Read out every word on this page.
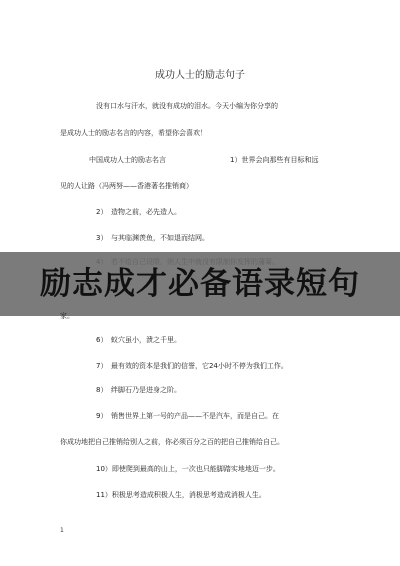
成功人士的励志句子
没有口水与汗水，就没有成功的泪水。今天小编为你分享的
是成功人士的励志名言的内容，希望你会喜欢！
中国成功人士的励志名言	1）世界会向那些有目标和远
见的人让路（冯两努——香港著名推销商）
2）　造物之前，必先造人。
3）　与其临渊羡鱼，不如退而结网。
励志成才必备语录短句
家。
6）　蚁穴虽小，溃之千里。
7）　最有效的资本是我们的信誉，它24小时不停为我们工作。
8）　绊脚石乃是进身之阶。
9）　销售世界上第一号的产品——不是汽车，而是自己。在
你成功地把自己推销给别人之前，你必须百分之百的把自己推销给自己。
10）即使爬到最高的山上，一次也只能脚踏实地地迈一步。
11）积极思考造成积极人生，消极思考造成消极人生。
1
